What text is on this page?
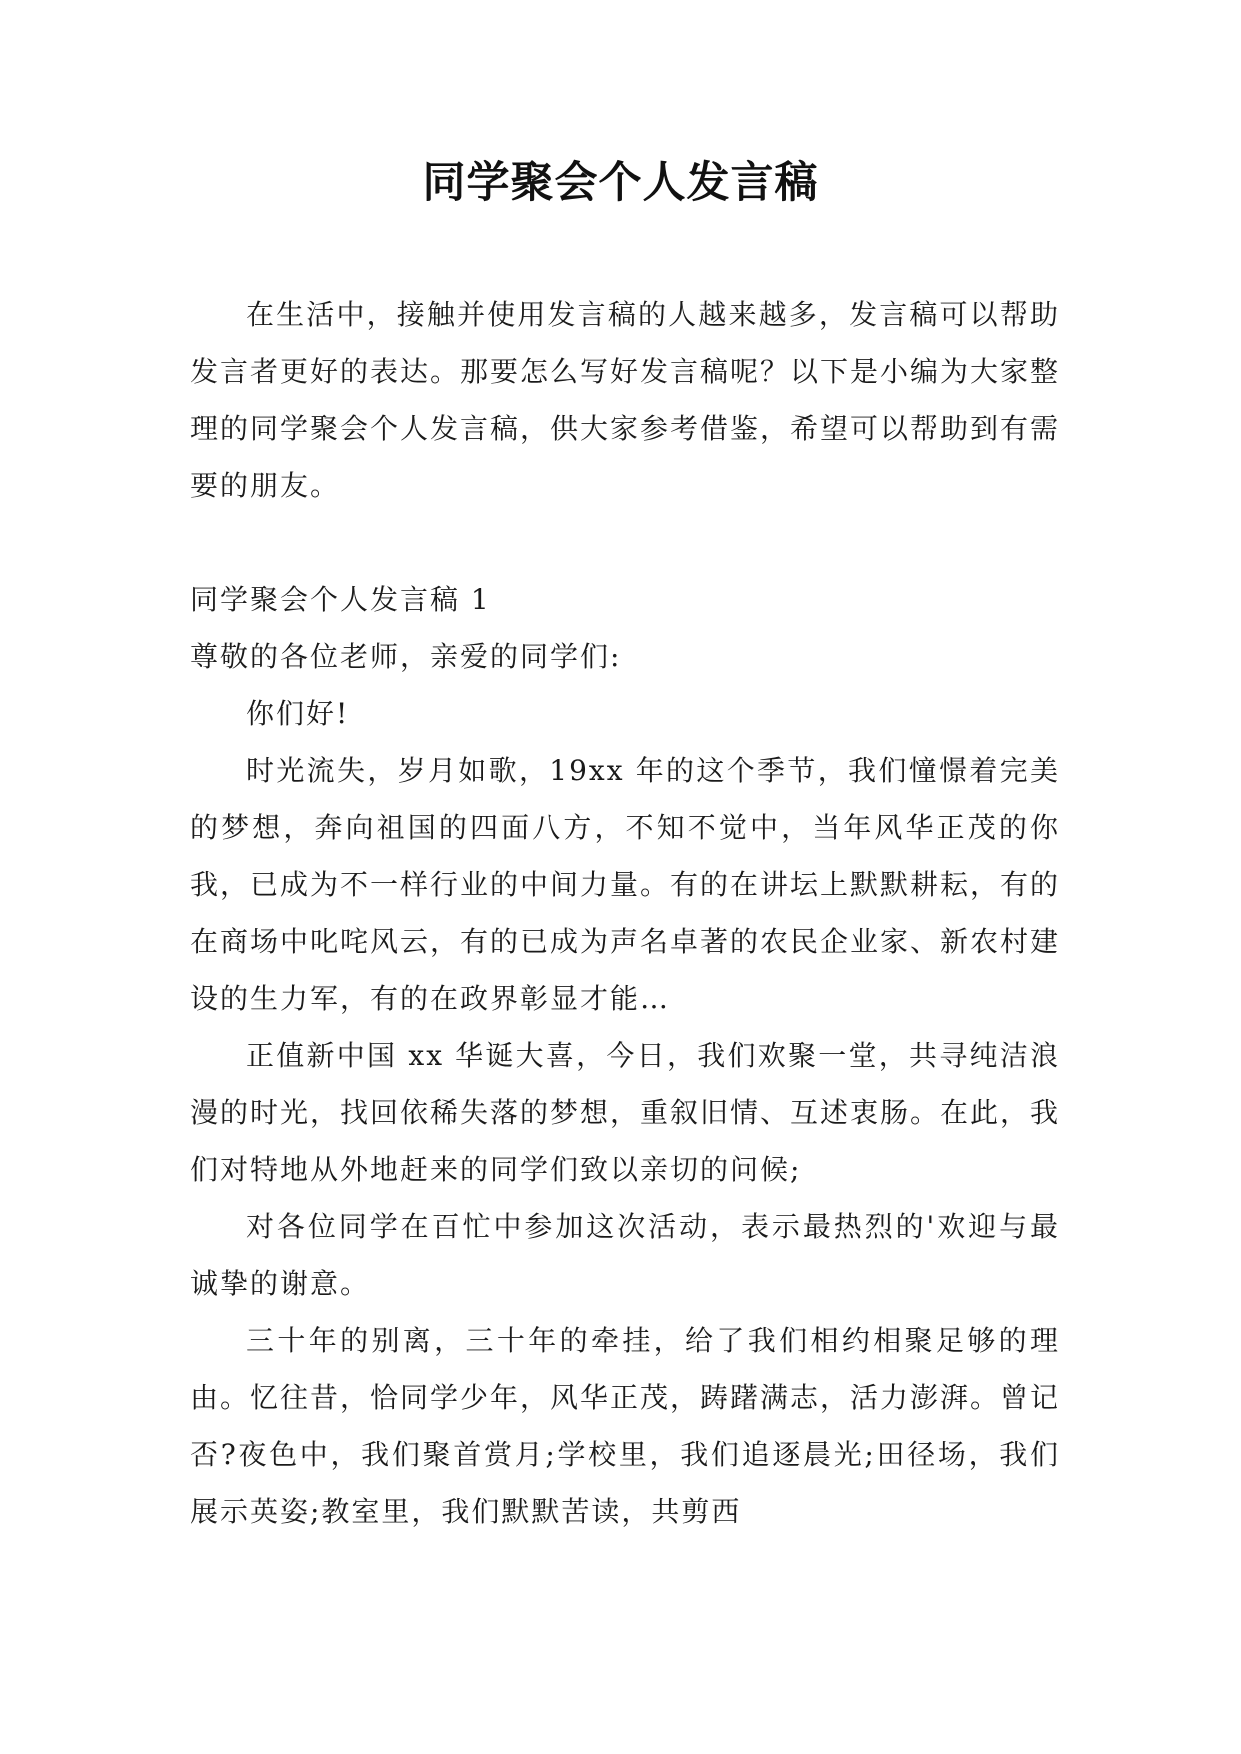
同学聚会个人发言稿

在生活中，接触并使用发言稿的人越来越多，发言稿可以帮助发言者更好的表达。那要怎么写好发言稿呢？以下是小编为大家整理的同学聚会个人发言稿，供大家参考借鉴，希望可以帮助到有需要的朋友。

同学聚会个人发言稿 1

尊敬的各位老师，亲爱的同学们:

你们好!

时光流失，岁月如歌，19xx 年的这个季节，我们憧憬着完美的梦想，奔向祖国的四面八方，不知不觉中，当年风华正茂的你我，已成为不一样行业的中间力量。有的在讲坛上默默耕耘，有的在商场中叱咤风云，有的已成为声名卓著的农民企业家、新农村建设的生力军，有的在政界彰显才能…

正值新中国 xx 华诞大喜，今日，我们欢聚一堂，共寻纯洁浪漫的时光，找回依稀失落的梦想，重叙旧情、互述衷肠。在此，我们对特地从外地赶来的同学们致以亲切的问候;

对各位同学在百忙中参加这次活动，表示最热烈的'欢迎与最诚挚的谢意。

三十年的别离，三十年的牵挂，给了我们相约相聚足够的理由。忆往昔，恰同学少年，风华正茂，踌躇满志，活力澎湃。曾记否?夜色中，我们聚首赏月;学校里，我们追逐晨光;田径场，我们展示英姿;教室里，我们默默苦读，共剪西
